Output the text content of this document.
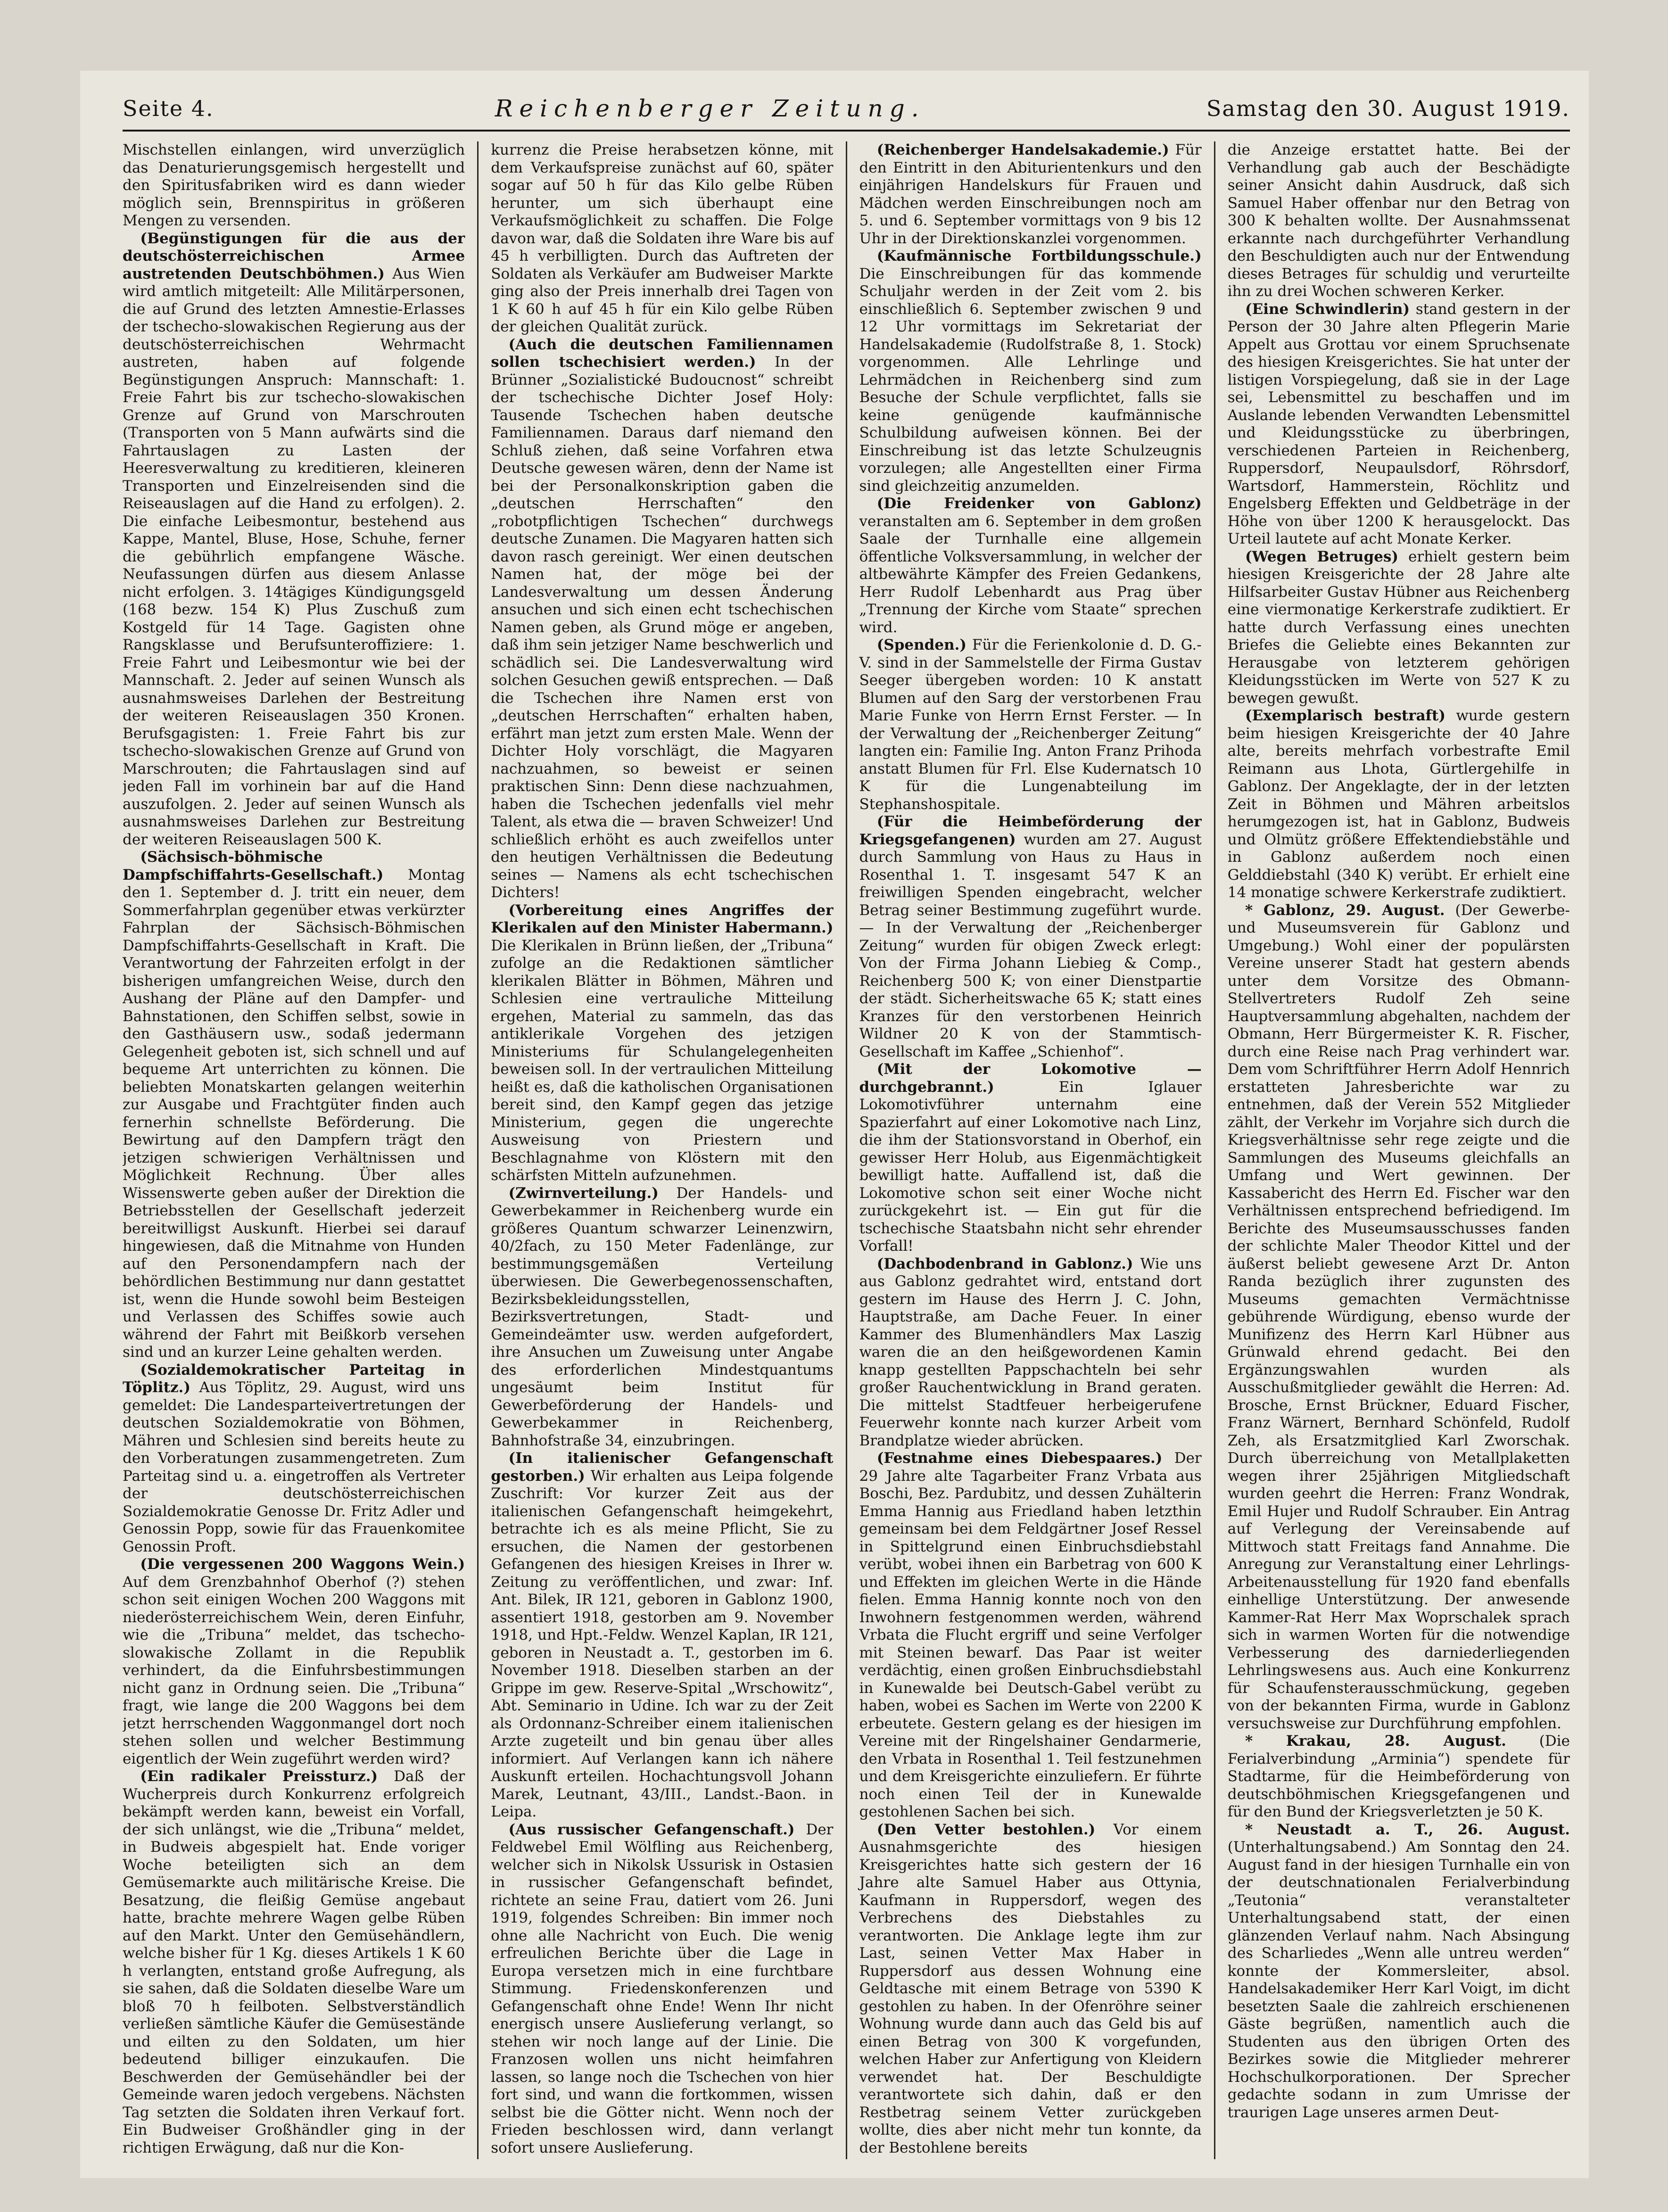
Seite 4.	Reichenberger Zeitung.	Samstag den 30. August 1919.

Mischstellen einlangen, wird unverzüglich das Denaturierungsgemisch hergestellt und den Spiritusfabriken wird es dann wieder möglich sein, Brennspiritus in größeren Mengen zu versenden.

(Begünstigungen für die aus der deutschösterreichischen Armee austretenden Deutschböhmen.) Aus Wien wird amtlich mitgeteilt: Alle Militärpersonen, die auf Grund des letzten Amnestie-Erlasses der tschecho-slowakischen Regierung aus der deutschösterreichischen Wehrmacht austreten, haben auf folgende Begünstigungen Anspruch: Mannschaft: 1. Freie Fahrt bis zur tschecho-slowakischen Grenze auf Grund von Marschrouten (Transporten von 5 Mann aufwärts sind die Fahrtauslagen zu Lasten der Heeresverwaltung zu kreditieren, kleineren Transporten und Einzelreisenden sind die Reiseauslagen auf die Hand zu erfolgen). 2. Die einfache Leibesmontur, bestehend aus Kappe, Mantel, Bluse, Hose, Schuhe, ferner die gebührlich empfangene Wäsche. Neufassungen dürfen aus diesem Anlasse nicht erfolgen. 3. 14tägiges Kündigungsgeld (168 bezw. 154 K) Plus Zuschuß zum Kostgeld für 14 Tage. Gagisten ohne Rangsklasse und Berufsunteroffiziere: 1. Freie Fahrt und Leibesmontur wie bei der Mannschaft. 2. Jeder auf seinen Wunsch als ausnahmsweises Darlehen der Bestreitung der weiteren Reiseauslagen 350 Kronen. Berufsgagisten: 1. Freie Fahrt bis zur tschecho-slowakischen Grenze auf Grund von Marschrouten; die Fahrtauslagen sind auf jeden Fall im vorhinein bar auf die Hand auszufolgen. 2. Jeder auf seinen Wunsch als ausnahmsweises Darlehen zur Bestreitung der weiteren Reiseauslagen 500 K.

(Sächsisch-böhmische Dampfschiffahrts-Gesellschaft.) Montag den 1. September d. J. tritt ein neuer, dem Sommerfahrplan gegenüber etwas verkürzter Fahrplan der Sächsisch-Böhmischen Dampfschiffahrts-Gesellschaft in Kraft. Die Verantwortung der Fahrzeiten erfolgt in der bisherigen umfangreichen Weise, durch den Aushang der Pläne auf den Dampfer- und Bahnstationen, den Schiffen selbst, sowie in den Gasthäusern usw., sodaß jedermann Gelegenheit geboten ist, sich schnell und auf bequeme Art unterrichten zu können. Die beliebten Monatskarten gelangen weiterhin zur Ausgabe und Frachtgüter finden auch fernerhin schnellste Beförderung. Die Bewirtung auf den Dampfern trägt den jetzigen schwierigen Verhältnissen und Möglichkeit Rechnung. Über alles Wissenswerte geben außer der Direktion die Betriebsstellen der Gesellschaft jederzeit bereitwilligst Auskunft. Hierbei sei darauf hingewiesen, daß die Mitnahme von Hunden auf den Personendampfern nach der behördlichen Bestimmung nur dann gestattet ist, wenn die Hunde sowohl beim Besteigen und Verlassen des Schiffes sowie auch während der Fahrt mit Beißkorb versehen sind und an kurzer Leine gehalten werden.

(Sozialdemokratischer Parteitag in Töplitz.) Aus Töplitz, 29. August, wird uns gemeldet: Die Landesparteivertretungen der deutschen Sozialdemokratie von Böhmen, Mähren und Schlesien sind bereits heute zu den Vorberatungen zusammengetreten. Zum Parteitag sind u. a. eingetroffen als Vertreter der deutschösterreichischen Sozialdemokratie Genosse Dr. Fritz Adler und Genossin Popp, sowie für das Frauenkomitee Genossin Proft.

(Die vergessenen 200 Waggons Wein.) Auf dem Grenzbahnhof Oberhof (?) stehen schon seit einigen Wochen 200 Waggons mit niederösterreichischem Wein, deren Einfuhr, wie die „Tribuna“ meldet, das tschecho-slowakische Zollamt in die Republik verhindert, da die Einfuhrsbestimmungen nicht ganz in Ordnung seien. Die „Tribuna“ fragt, wie lange die 200 Waggons bei dem jetzt herrschenden Waggonmangel dort noch stehen sollen und welcher Bestimmung eigentlich der Wein zugeführt werden wird?

(Ein radikaler Preissturz.) Daß der Wucherpreis durch Konkurrenz erfolgreich bekämpft werden kann, beweist ein Vorfall, der sich unlängst, wie die „Tribuna“ meldet, in Budweis abgespielt hat. Ende voriger Woche beteiligten sich an dem Gemüsemarkte auch militärische Kreise. Die Besatzung, die fleißig Gemüse angebaut hatte, brachte mehrere Wagen gelbe Rüben auf den Markt. Unter den Gemüsehändlern, welche bisher für 1 Kg. dieses Artikels 1 K 60 h verlangten, entstand große Aufregung, als sie sahen, daß die Soldaten dieselbe Ware um bloß 70 h feilboten. Selbstverständlich verließen sämtliche Käufer die Gemüsestände und eilten zu den Soldaten, um hier bedeutend billiger einzukaufen. Die Beschwerden der Gemüsehändler bei der Gemeinde waren jedoch vergebens. Nächsten Tag setzten die Soldaten ihren Verkauf fort. Ein Budweiser Großhändler ging in der richtigen Erwägung, daß nur die Kon-

kurrenz die Preise herabsetzen könne, mit dem Verkaufspreise zunächst auf 60, später sogar auf 50 h für das Kilo gelbe Rüben herunter, um sich überhaupt eine Verkaufsmöglichkeit zu schaffen. Die Folge davon war, daß die Soldaten ihre Ware bis auf 45 h verbilligten. Durch das Auftreten der Soldaten als Verkäufer am Budweiser Markte ging also der Preis innerhalb drei Tagen von 1 K 60 h auf 45 h für ein Kilo gelbe Rüben der gleichen Qualität zurück.

(Auch die deutschen Familiennamen sollen tschechisiert werden.) In der Brünner „Sozialistické Budoucnost“ schreibt der tschechische Dichter Josef Holy: Tausende Tschechen haben deutsche Familiennamen. Daraus darf niemand den Schluß ziehen, daß seine Vorfahren etwa Deutsche gewesen wären, denn der Name ist bei der Personalkonskription gaben die „deutschen Herrschaften“ den „robotpflichtigen Tschechen“ durchwegs deutsche Zunamen. Die Magyaren hatten sich davon rasch gereinigt. Wer einen deutschen Namen hat, der möge bei der Landesverwaltung um dessen Änderung ansuchen und sich einen echt tschechischen Namen geben, als Grund möge er angeben, daß ihm sein jetziger Name beschwerlich und schädlich sei. Die Landesverwaltung wird solchen Gesuchen gewiß entsprechen. — Daß die Tschechen ihre Namen erst von „deutschen Herrschaften“ erhalten haben, erfährt man jetzt zum ersten Male. Wenn der Dichter Holy vorschlägt, die Magyaren nachzuahmen, so beweist er seinen praktischen Sinn: Denn diese nachzuahmen, haben die Tschechen jedenfalls viel mehr Talent, als etwa die — braven Schweizer! Und schließlich erhöht es auch zweifellos unter den heutigen Verhältnissen die Bedeutung seines — Namens als echt tschechischen Dichters!

(Vorbereitung eines Angriffes der Klerikalen auf den Minister Habermann.) Die Klerikalen in Brünn ließen, der „Tribuna“ zufolge an die Redaktionen sämtlicher klerikalen Blätter in Böhmen, Mähren und Schlesien eine vertrauliche Mitteilung ergehen, Material zu sammeln, das das antiklerikale Vorgehen des jetzigen Ministeriums für Schulangelegenheiten beweisen soll. In der vertraulichen Mitteilung heißt es, daß die katholischen Organisationen bereit sind, den Kampf gegen das jetzige Ministerium, gegen die ungerechte Ausweisung von Priestern und Beschlagnahme von Klöstern mit den schärfsten Mitteln aufzunehmen.

(Zwirnverteilung.) Der Handels- und Gewerbekammer in Reichenberg wurde ein größeres Quantum schwarzer Leinenzwirn, 40/2fach, zu 150 Meter Fadenlänge, zur bestimmungsgemäßen Verteilung überwiesen. Die Gewerbegenossenschaften, Bezirksbekleidungsstellen, Bezirksvertretungen, Stadt- und Gemeindeämter usw. werden aufgefordert, ihre Ansuchen um Zuweisung unter Angabe des erforderlichen Mindestquantums ungesäumt beim Institut für Gewerbeförderung der Handels- und Gewerbekammer in Reichenberg, Bahnhofstraße 34, einzubringen.

(In italienischer Gefangenschaft gestorben.) Wir erhalten aus Leipa folgende Zuschrift: Vor kurzer Zeit aus der italienischen Gefangenschaft heimgekehrt, betrachte ich es als meine Pflicht, Sie zu ersuchen, die Namen der gestorbenen Gefangenen des hiesigen Kreises in Ihrer w. Zeitung zu veröffentlichen, und zwar: Inf. Ant. Bilek, IR 121, geboren in Gablonz 1900, assentiert 1918, gestorben am 9. November 1918, und Hpt.-Feldw. Wenzel Kaplan, IR 121, geboren in Neustadt a. T., gestorben im 6. November 1918. Dieselben starben an der Grippe im gew. Reserve-Spital „Wrschowitz“, Abt. Seminario in Udine. Ich war zu der Zeit als Ordonnanz-Schreiber einem italienischen Arzte zugeteilt und bin genau über alles informiert. Auf Verlangen kann ich nähere Auskunft erteilen. Hochachtungsvoll Johann Marek, Leutnant, 43/III., Landst.-Baon. in Leipa.

(Aus russischer Gefangenschaft.) Der Feldwebel Emil Wölfling aus Reichenberg, welcher sich in Nikolsk Ussurisk in Ostasien in russischer Gefangenschaft befindet, richtete an seine Frau, datiert vom 26. Juni 1919, folgendes Schreiben: Bin immer noch ohne alle Nachricht von Euch. Die wenig erfreulichen Berichte über die Lage in Europa versetzen mich in eine furchtbare Stimmung. Friedenskonferenzen und Gefangenschaft ohne Ende! Wenn Ihr nicht energisch unsere Auslieferung verlangt, so stehen wir noch lange auf der Linie. Die Franzosen wollen uns nicht heimfahren lassen, so lange noch die Tschechen von hier fort sind, und wann die fortkommen, wissen selbst bie die Götter nicht. Wenn noch der Frieden beschlossen wird, dann verlangt sofort unsere Auslieferung.

(Reichenberger Handelsakademie.) Für den Eintritt in den Abiturientenkurs und den einjährigen Handelskurs für Frauen und Mädchen werden Einschreibungen noch am 5. und 6. September vormittags von 9 bis 12 Uhr in der Direktionskanzlei vorgenommen.

(Kaufmännische Fortbildungsschule.) Die Einschreibungen für das kommende Schuljahr werden in der Zeit vom 2. bis einschließlich 6. September zwischen 9 und 12 Uhr vormittags im Sekretariat der Handelsakademie (Rudolfstraße 8, 1. Stock) vorgenommen. Alle Lehrlinge und Lehrmädchen in Reichenberg sind zum Besuche der Schule verpflichtet, falls sie keine genügende kaufmännische Schulbildung aufweisen können. Bei der Einschreibung ist das letzte Schulzeugnis vorzulegen; alle Angestellten einer Firma sind gleichzeitig anzumelden.

(Die Freidenker von Gablonz) veranstalten am 6. September in dem großen Saale der Turnhalle eine allgemein öffentliche Volksversammlung, in welcher der altbewährte Kämpfer des Freien Gedankens, Herr Rudolf Lebenhardt aus Prag über „Trennung der Kirche vom Staate“ sprechen wird.

(Spenden.) Für die Ferienkolonie d. D. G.-V. sind in der Sammelstelle der Firma Gustav Seeger übergeben worden: 10 K anstatt Blumen auf den Sarg der verstorbenen Frau Marie Funke von Herrn Ernst Ferster. — In der Verwaltung der „Reichenberger Zeitung“ langten ein: Familie Ing. Anton Franz Prihoda anstatt Blumen für Frl. Else Kudernatsch 10 K für die Lungenabteilung im Stephanshospitale.

(Für die Heimbeförderung der Kriegsgefangenen) wurden am 27. August durch Sammlung von Haus zu Haus in Rosenthal 1. T. insgesamt 547 K an freiwilligen Spenden eingebracht, welcher Betrag seiner Bestimmung zugeführt wurde. — In der Verwaltung der „Reichenberger Zeitung“ wurden für obigen Zweck erlegt: Von der Firma Johann Liebieg & Comp., Reichenberg 500 K; von einer Dienstpartie der städt. Sicherheitswache 65 K; statt eines Kranzes für den verstorbenen Heinrich Wildner 20 K von der Stammtisch-Gesellschaft im Kaffee „Schienhof“.

(Mit der Lokomotive — durchgebrannt.)	Ein Iglauer Lokomotivführer unternahm eine Spazierfahrt auf einer Lokomotive nach Linz, die ihm der Stationsvorstand in Oberhof, ein gewisser Herr Holub, aus Eigenmächtigkeit bewilligt hatte. Auffallend ist, daß die Lokomotive schon seit einer Woche nicht zurückgekehrt ist. — Ein gut für die tschechische Staatsbahn nicht sehr ehrender Vorfall!

(Dachbodenbrand in Gablonz.) Wie uns aus Gablonz gedrahtet wird, entstand dort gestern im Hause des Herrn J. C. John, Hauptstraße, am Dache Feuer. In einer Kammer des Blumenhändlers Max Laszig waren die an den heißgewordenen Kamin knapp gestellten Pappschachteln bei sehr großer Rauchentwicklung in Brand geraten. Die mittelst Stadtfeuer herbeigerufene Feuerwehr konnte nach kurzer Arbeit vom Brandplatze wieder abrücken.

(Festnahme eines Diebespaares.) Der 29 Jahre alte Tagarbeiter Franz Vrbata aus Boschi, Bez. Pardubitz, und dessen Zuhälterin Emma Hannig aus Friedland haben letzthin gemeinsam bei dem Feldgärtner Josef Ressel in Spittelgrund einen Einbruchsdiebstahl verübt, wobei ihnen ein Barbetrag von 600 K und Effekten im gleichen Werte in die Hände fielen. Emma Hannig konnte noch von den Inwohnern festgenommen werden, während Vrbata die Flucht ergriff und seine Verfolger mit Steinen bewarf. Das Paar ist weiter verdächtig, einen großen Einbruchsdiebstahl in Kunewalde bei Deutsch-Gabel verübt zu haben, wobei es Sachen im Werte von 2200 K erbeutete. Gestern gelang es der hiesigen im Vereine mit der Ringelshainer Gendarmerie, den Vrbata in Rosenthal 1. Teil festzunehmen und dem Kreisgerichte einzuliefern. Er führte noch einen Teil der in Kunewalde gestohlenen Sachen bei sich.

(Den Vetter bestohlen.) Vor einem Ausnahmsgerichte des hiesigen Kreisgerichtes hatte sich gestern der 16 Jahre alte Samuel Haber aus Ottynia, Kaufmann in Ruppersdorf, wegen des Verbrechens des Diebstahles zu verantworten. Die Anklage legte ihm zur Last, seinen Vetter Max Haber in Ruppersdorf aus dessen Wohnung eine Geldtasche mit einem Betrage von 5390 K gestohlen zu haben. In der Ofenröhre seiner Wohnung wurde dann auch das Geld bis auf einen Betrag von 300 K vorgefunden, welchen Haber zur Anfertigung von Kleidern verwendet hat. Der Beschuldigte verantwortete sich dahin, daß er den Restbetrag seinem Vetter zurückgeben wollte, dies aber nicht mehr tun konnte, da der Bestohlene bereits

die Anzeige erstattet hatte. Bei der Verhandlung gab auch der Beschädigte seiner Ansicht dahin Ausdruck, daß sich Samuel Haber offenbar nur den Betrag von 300 K behalten wollte. Der Ausnahmssenat erkannte nach durchgeführter Verhandlung den Beschuldigten auch nur der Entwendung dieses Betrages für schuldig und verurteilte ihn zu drei Wochen schweren Kerker.

(Eine Schwindlerin) stand gestern in der Person der 30 Jahre alten Pflegerin Marie Appelt aus Grottau vor einem Spruchsenate des hiesigen Kreisgerichtes. Sie hat unter der listigen Vorspiegelung, daß sie in der Lage sei, Lebensmittel zu beschaffen und im Auslande lebenden Verwandten Lebensmittel und Kleidungsstücke zu überbringen, verschiedenen Parteien in Reichenberg, Ruppersdorf, Neupaulsdorf, Röhrsdorf, Wartsdorf, Hammerstein, Röchlitz und Engelsberg Effekten und Geldbeträge in der Höhe von über 1200 K herausgelockt. Das Urteil lautete auf acht Monate Kerker.

(Wegen Betruges) erhielt gestern beim hiesigen Kreisgerichte der 28 Jahre alte Hilfsarbeiter Gustav Hübner aus Reichenberg eine viermonatige Kerkerstrafe zudiktiert. Er hatte durch Verfassung eines unechten Briefes die Geliebte eines Bekannten zur Herausgabe von letzterem gehörigen Kleidungsstücken im Werte von 527 K zu bewegen gewußt.

(Exemplarisch bestraft) wurde gestern beim hiesigen Kreisgerichte der 40 Jahre alte, bereits mehrfach vorbestrafte Emil Reimann aus Lhota, Gürtlergehilfe in Gablonz. Der Angeklagte, der in der letzten Zeit in Böhmen und Mähren arbeitslos herumgezogen ist, hat in Gablonz, Budweis und Olmütz größere Effektendiebstähle und in Gablonz außerdem noch einen Gelddiebstahl (340 K) verübt. Er erhielt eine 14 monatige schwere Kerkerstrafe zudiktiert.

* Gablonz, 29. August. (Der Gewerbe- und Museumsverein für Gablonz und Umgebung.) Wohl einer der populärsten Vereine unserer Stadt hat gestern abends unter dem Vorsitze des Obmann-Stellvertreters Rudolf Zeh seine Hauptversammlung abgehalten, nachdem der Obmann, Herr Bürgermeister K. R. Fischer, durch eine Reise nach Prag verhindert war. Dem vom Schriftführer Herrn Adolf Hennrich erstatteten Jahresberichte war zu entnehmen, daß der Verein 552 Mitglieder zählt, der Verkehr im Vorjahre sich durch die Kriegsverhältnisse sehr rege zeigte und die Sammlungen des Museums gleichfalls an Umfang und Wert gewinnen. Der Kassabericht des Herrn Ed. Fischer war den Verhältnissen entsprechend befriedigend. Im Berichte des Museumsausschusses fanden der schlichte Maler Theodor Kittel und der äußerst beliebt gewesene Arzt Dr. Anton Randa bezüglich ihrer zugunsten des Museums gemachten Vermächtnisse gebührende Würdigung, ebenso wurde der Munifizenz des Herrn Karl Hübner aus Grünwald ehrend gedacht. Bei den Ergänzungswahlen wurden als Ausschußmitglieder gewählt die Herren: Ad. Brosche, Ernst Brückner, Eduard Fischer, Franz Wärnert, Bernhard Schönfeld, Rudolf Zeh, als Ersatzmitglied Karl Zworschak. Durch überreichung von Metallplaketten wegen ihrer 25jährigen Mitgliedschaft wurden geehrt die Herren: Franz Wondrak, Emil Hujer und Rudolf Schrauber. Ein Antrag auf Verlegung der Vereinsabende auf Mittwoch statt Freitags fand Annahme. Die Anregung zur Veranstaltung einer Lehrlings-Arbeitenausstellung für 1920 fand ebenfalls einhellige Unterstützung. Der anwesende Kammer-Rat Herr Max Woprschalek sprach sich in warmen Worten für die notwendige Verbesserung des darniederliegenden Lehrlingswesens aus. Auch eine Konkurrenz für Schaufensterausschmückung, gegeben von der bekannten Firma, wurde in Gablonz versuchsweise zur Durchführung empfohlen.

* Krakau, 28. August. (Die Ferialverbindung „Arminia“) spendete für Stadtarme, für die Heimbeförderung von deutschböhmischen Kriegsgefangenen und für den Bund der Kriegsverletzten je 50 K.

* Neustadt a. T., 26. August. (Unterhaltungsabend.) Am Sonntag den 24. August fand in der hiesigen Turnhalle ein von der deutschnationalen Ferialverbindung „Teutonia“ veranstalteter Unterhaltungsabend statt, der einen glänzenden Verlauf nahm. Nach Absingung des Scharliedes „Wenn alle untreu werden“ konnte der Kommersleiter, absol. Handelsakademiker Herr Karl Voigt, im dicht besetzten Saale die zahlreich erschienenen Gäste begrüßen, namentlich auch die Studenten aus den übrigen Orten des Bezirkes sowie die Mitglieder mehrerer Hochschulkorporationen. Der Sprecher gedachte sodann in zum Umrisse der traurigen Lage unseres armen Deut-
